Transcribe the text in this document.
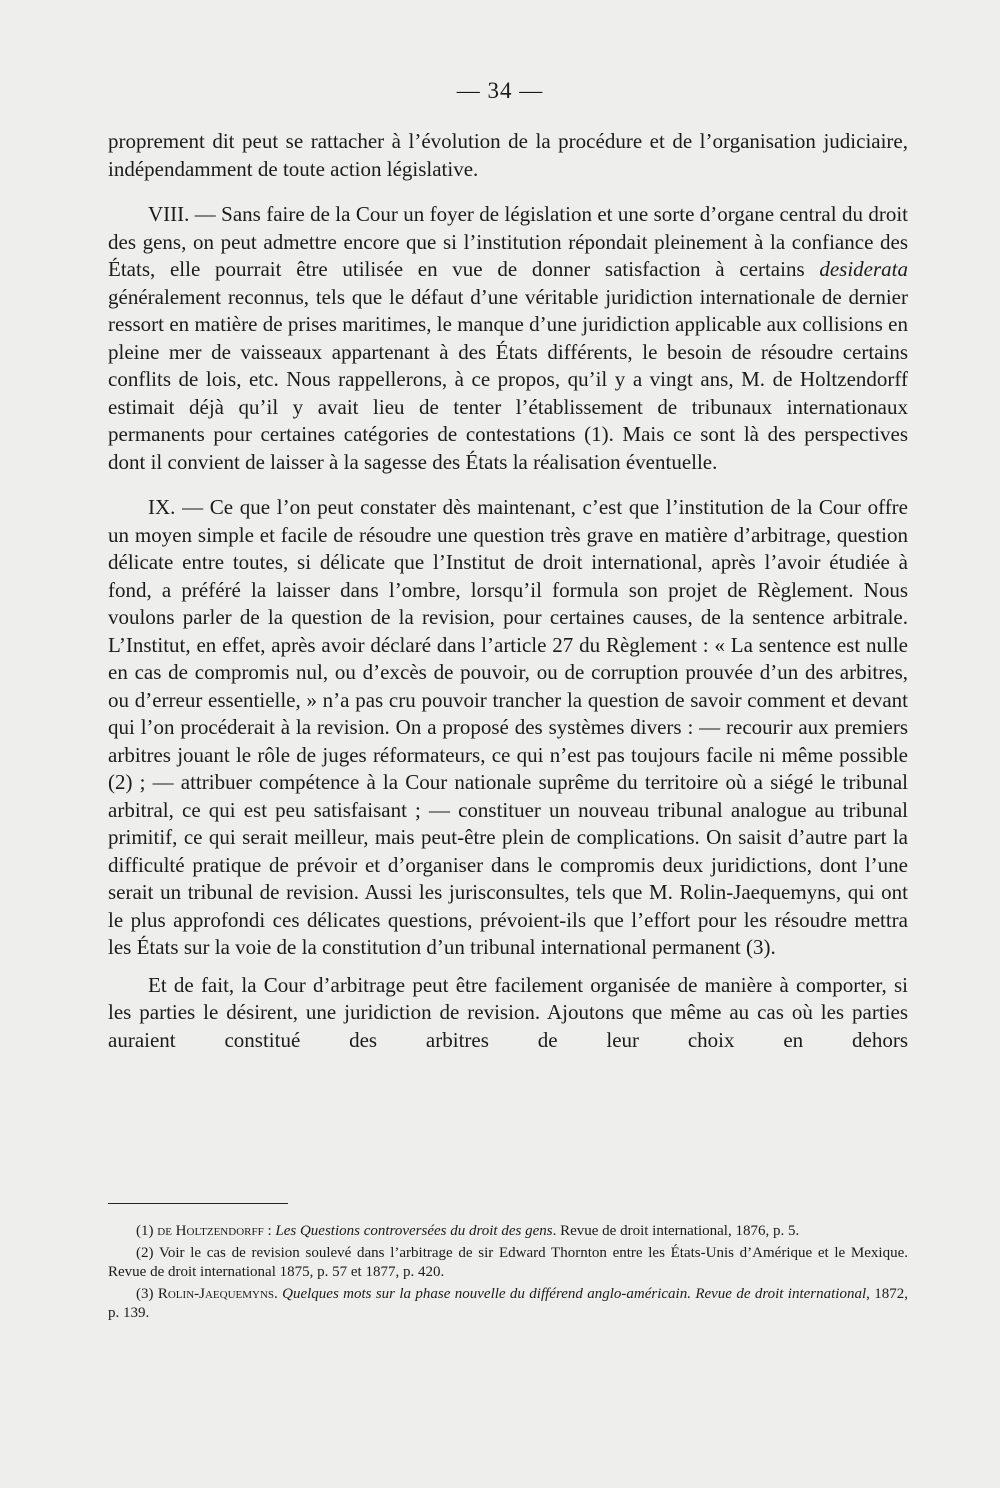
— 34 —

proprement dit peut se rattacher à l’évolution de la procédure et de l’organisation judiciaire, indépendamment de toute action législative.

VIII. — Sans faire de la Cour un foyer de législation et une sorte d’organe central du droit des gens, on peut admettre encore que si l’institution répondait pleinement à la confiance des États, elle pourrait être utilisée en vue de donner satisfaction à certains desiderata généralement reconnus, tels que le défaut d’une véritable juridiction internationale de dernier ressort en matière de prises maritimes, le manque d’une juridiction applicable aux collisions en pleine mer de vaisseaux appartenant à des États différents, le besoin de résoudre certains conflits de lois, etc. Nous rappellerons, à ce propos, qu’il y a vingt ans, M. de Holtzendorff estimait déjà qu’il y avait lieu de tenter l’établissement de tribunaux internationaux permanents pour certaines catégories de contestations (1). Mais ce sont là des perspectives dont il convient de laisser à la sagesse des États la réalisation éventuelle.

IX. — Ce que l’on peut constater dès maintenant, c’est que l’institution de la Cour offre un moyen simple et facile de résoudre une question très grave en matière d’arbitrage, question délicate entre toutes, si délicate que l’Institut de droit international, après l’avoir étudiée à fond, a préféré la laisser dans l’ombre, lorsqu’il formula son projet de Règlement. Nous voulons parler de la question de la revision, pour certaines causes, de la sentence arbitrale. L’Institut, en effet, après avoir déclaré dans l’article 27 du Règlement : « La sentence est nulle en cas de compromis nul, ou d’excès de pouvoir, ou de corruption prouvée d’un des arbitres, ou d’erreur essentielle, » n’a pas cru pouvoir trancher la question de savoir comment et devant qui l’on procéderait à la revision. On a proposé des systèmes divers : — recourir aux premiers arbitres jouant le rôle de juges réformateurs, ce qui n’est pas toujours facile ni même possible (2) ; — attribuer compétence à la Cour nationale suprême du territoire où a siégé le tribunal arbitral, ce qui est peu satisfaisant ; — constituer un nouveau tribunal analogue au tribunal primitif, ce qui serait meilleur, mais peut-être plein de complications. On saisit d’autre part la difficulté pratique de prévoir et d’organiser dans le compromis deux juridictions, dont l’une serait un tribunal de revision. Aussi les jurisconsultes, tels que M. Rolin-Jaequemyns, qui ont le plus approfondi ces délicates questions, prévoient-ils que l’effort pour les résoudre mettra les États sur la voie de la constitution d’un tribunal international permanent (3).

Et de fait, la Cour d’arbitrage peut être facilement organisée de manière à comporter, si les parties le désirent, une juridiction de revision. Ajoutons que même au cas où les parties auraient constitué des arbitres de leur choix en dehors

(1) de Holtzendorff : Les Questions controversées du droit des gens. Revue de droit international, 1876, p. 5.

(2) Voir le cas de revision soulevé dans l’arbitrage de sir Edward Thornton entre les États-Unis d’Amérique et le Mexique. Revue de droit international 1875, p. 57 et 1877, p. 420.

(3) Rolin-Jaequemyns. Quelques mots sur la phase nouvelle du différend anglo-américain. Revue de droit international, 1872, p. 139.
